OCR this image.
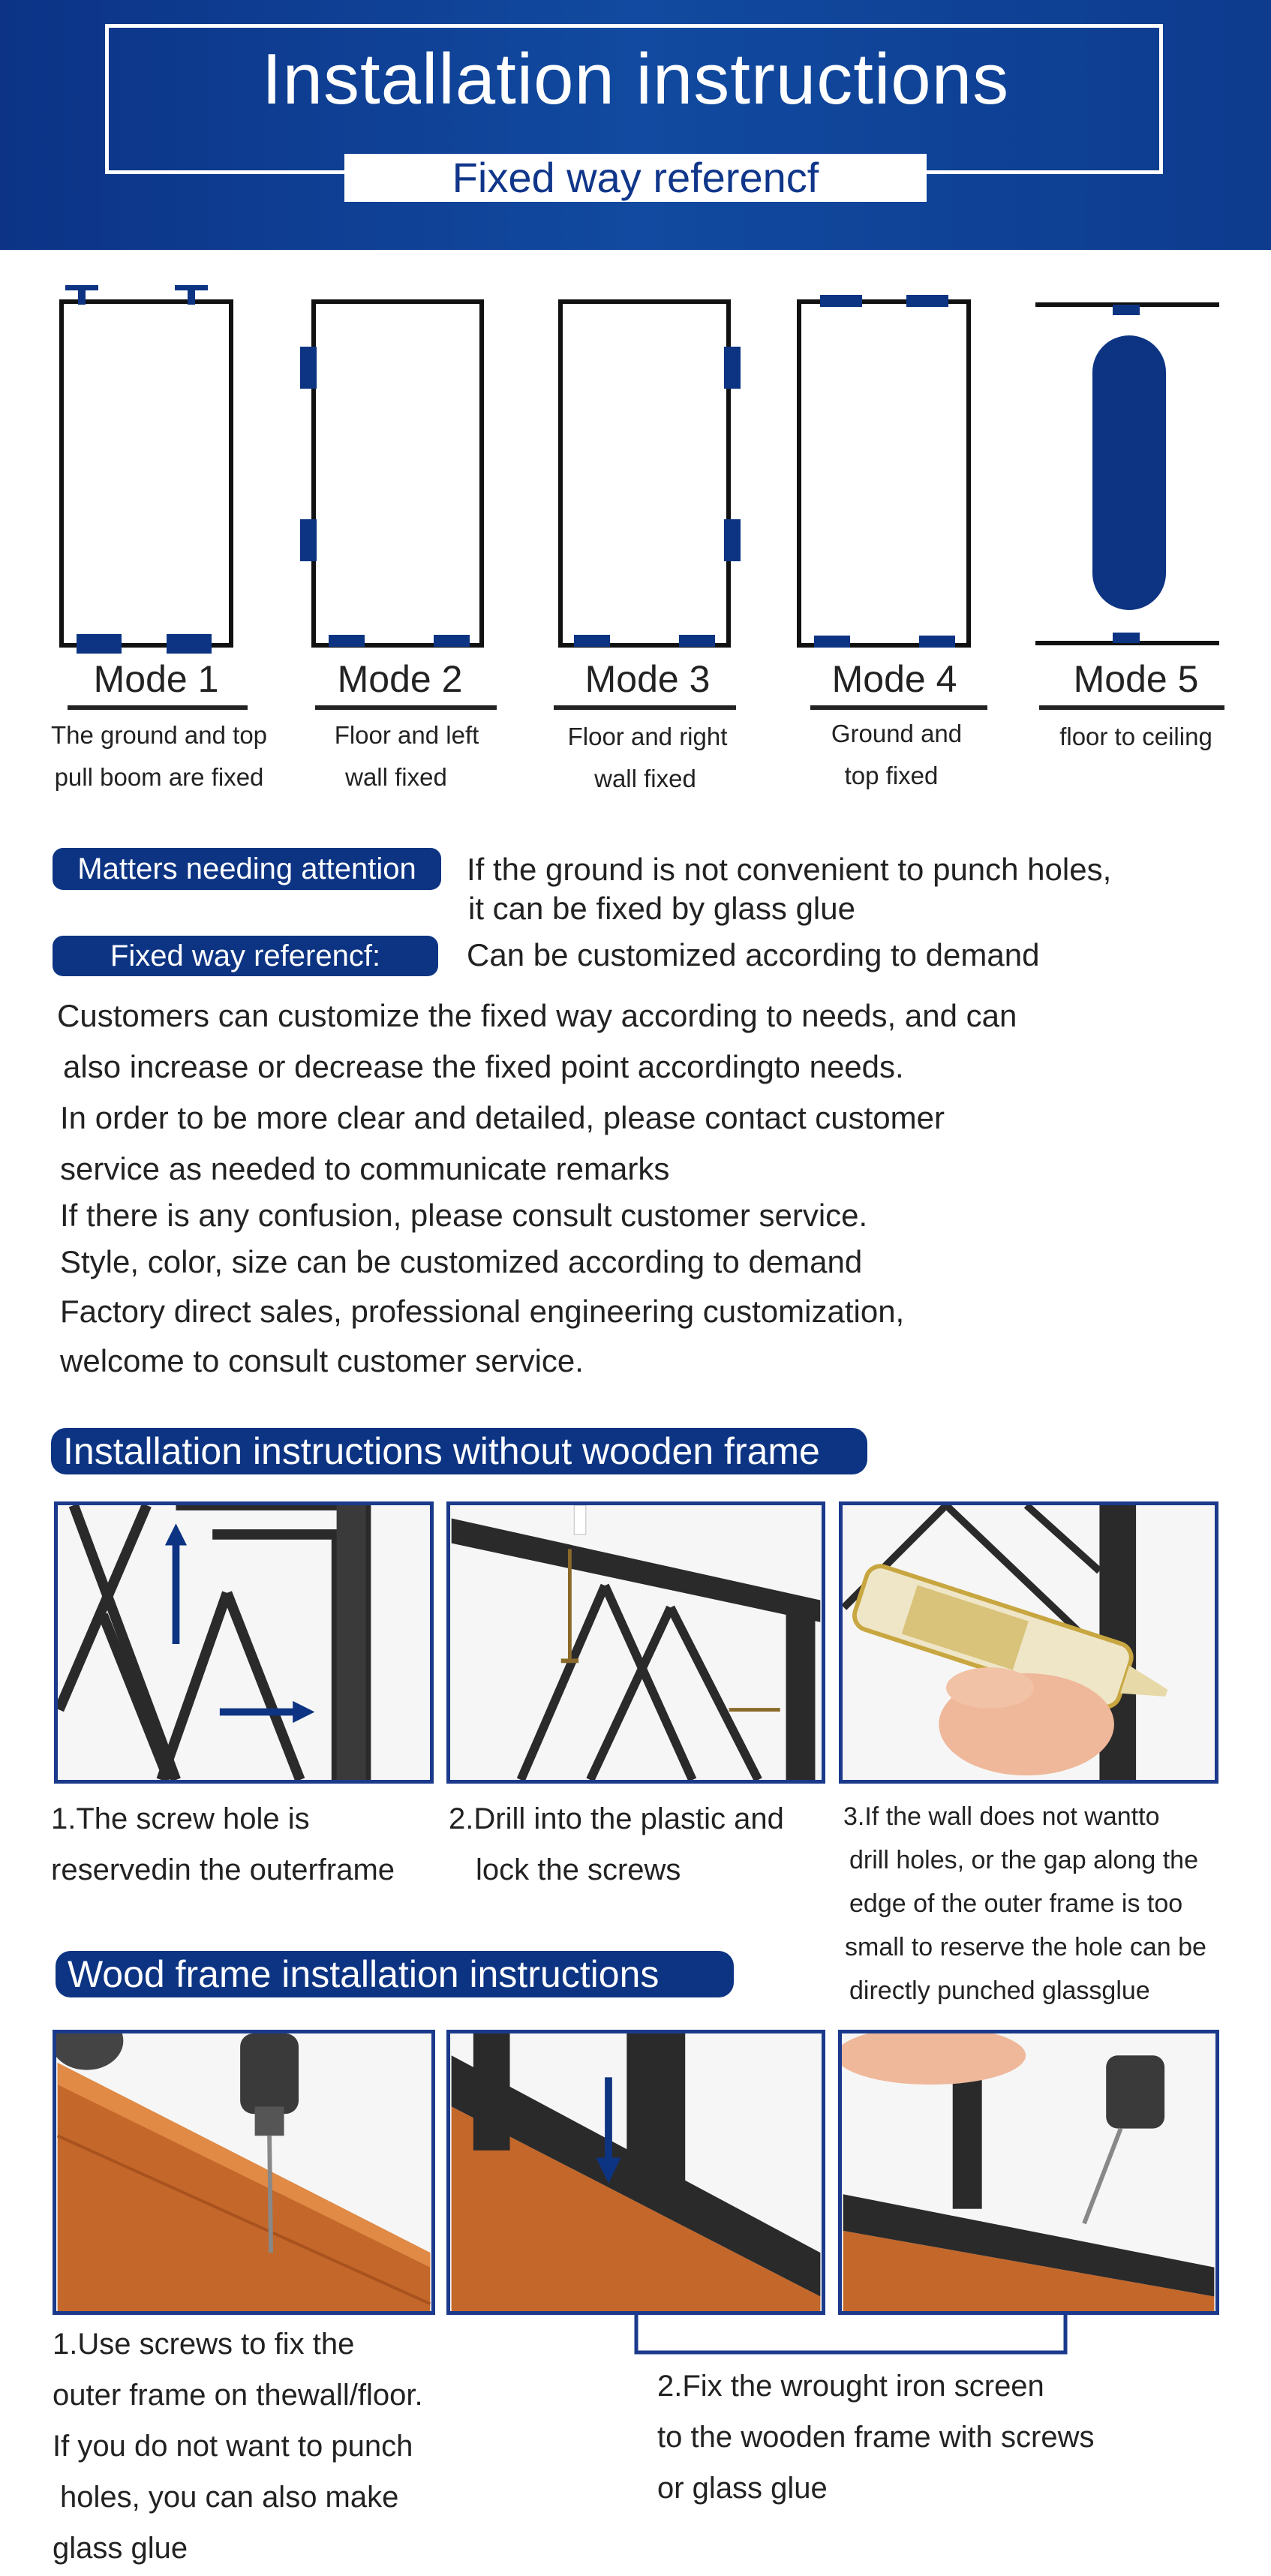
Installation instructions
Fixed way referencf
Mode 1
The ground and top
pull boom are fixed
Mode 2
Floor and left
wall fixed
Mode 3
Floor and right
wall fixed
Mode 4
Ground and
top fixed
Mode 5
floor to ceiling
Matters needing attention	If the ground is not convenient to punch holes,
it can be fixed by glass glue
Fixed way referencf:	Can be customized according to demand
Customers can customize the fixed way according to needs, and can
also increase or decrease the fixed point accordingto needs.
In order to be more clear and detailed, please contact customer
service as needed to communicate remarks
If there is any confusion, please consult customer service.
Style, color, size can be customized according to demand
Factory direct sales, professional engineering customization,
welcome to consult customer service.
Installation instructions without wooden frame
1.The screw hole is
reservedin the outerframe
2.Drill into the plastic and
lock the screws
3.If the wall does not wantto
drill holes, or the gap along the
edge of the outer frame is too
small to reserve the hole can be
directly punched glassglue
Wood frame installation instructions
1.Use screws to fix the
outer frame on thewall/floor.
If you do not want to punch
holes, you can also make
glass glue
2.Fix the wrought iron screen
to the wooden frame with screws
or glass glue
